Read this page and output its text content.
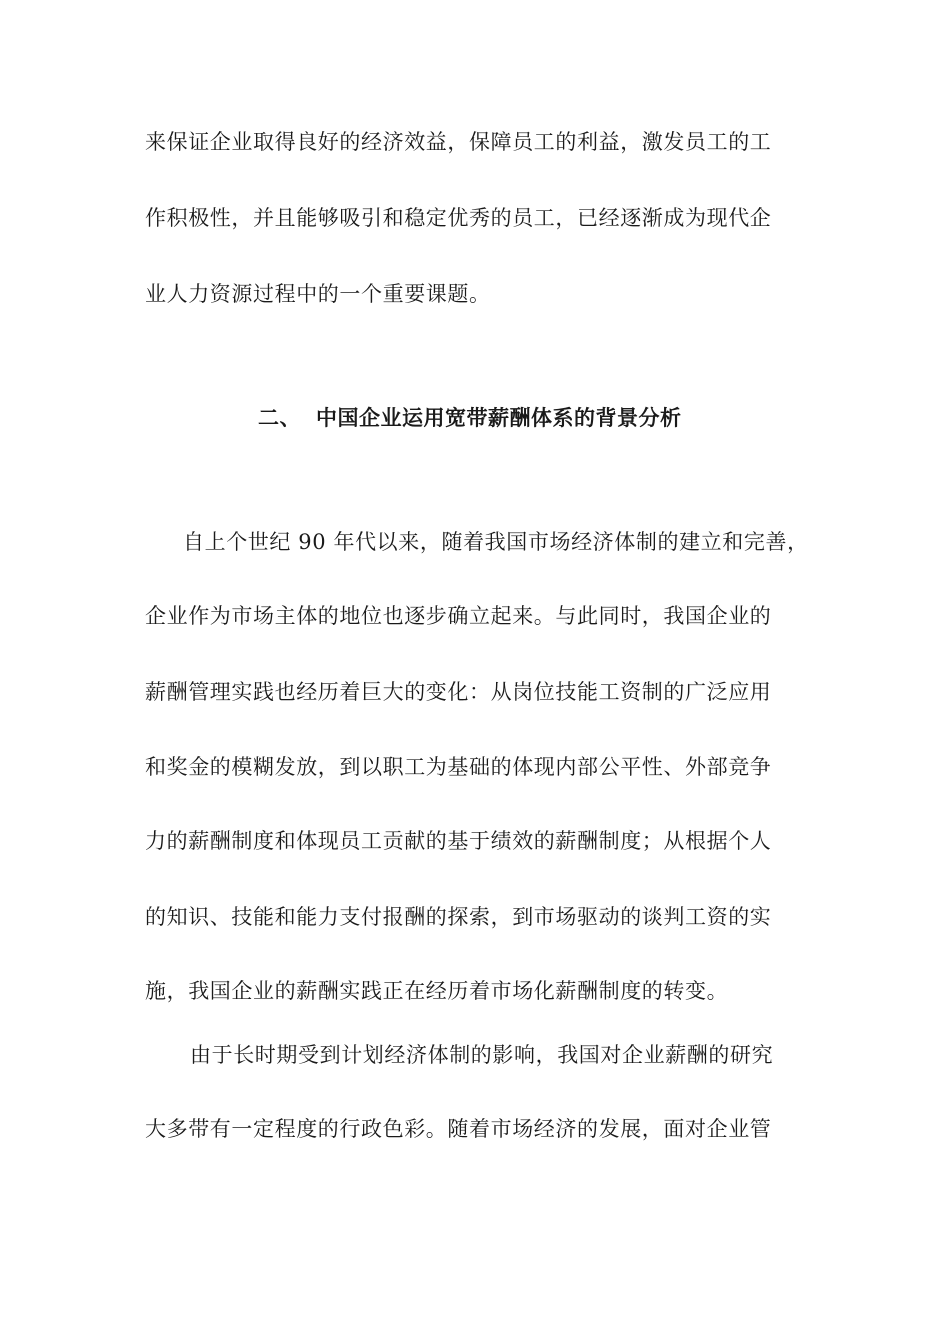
来保证企业取得良好的经济效益，保障员工的利益，激发员工的工
作积极性，并且能够吸引和稳定优秀的员工，已经逐渐成为现代企
业人力资源过程中的一个重要课题。
二、 中国企业运用宽带薪酬体系的背景分析
自上个世纪 90 年代以来，随着我国市场经济体制的建立和完善，
企业作为市场主体的地位也逐步确立起来。与此同时，我国企业的
薪酬管理实践也经历着巨大的变化：从岗位技能工资制的广泛应用
和奖金的模糊发放，到以职工为基础的体现内部公平性、外部竞争
力的薪酬制度和体现员工贡献的基于绩效的薪酬制度；从根据个人
的知识、技能和能力支付报酬的探索，到市场驱动的谈判工资的实
施，我国企业的薪酬实践正在经历着市场化薪酬制度的转变。
由于长时期受到计划经济体制的影响，我国对企业薪酬的研究
大多带有一定程度的行政色彩。随着市场经济的发展，面对企业管
